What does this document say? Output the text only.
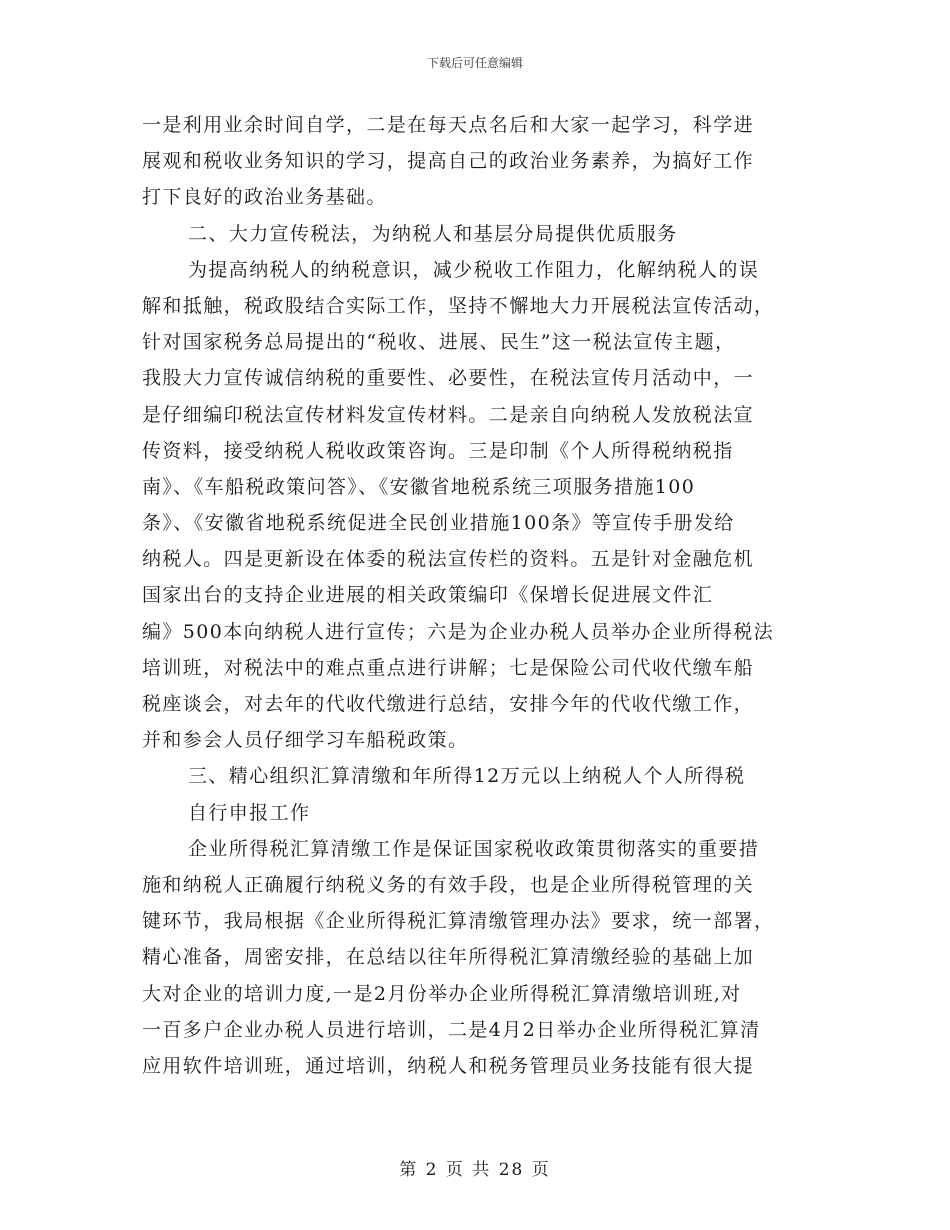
下载后可任意编辑
一是利用业余时间自学，二是在每天点名后和大家一起学习，科学进
展观和税收业务知识的学习，提高自己的政治业务素养，为搞好工作
打下良好的政治业务基础。
二、大力宣传税法，为纳税人和基层分局提供优质服务
为提高纳税人的纳税意识，减少税收工作阻力，化解纳税人的误
解和抵触，税政股结合实际工作，坚持不懈地大力开展税法宣传活动，
针对国家税务总局提出的“税收、进展、民生”这一税法宣传主题，
我股大力宣传诚信纳税的重要性、必要性，在税法宣传月活动中，一
是仔细编印税法宣传材料发宣传材料。二是亲自向纳税人发放税法宣
传资料，接受纳税人税收政策咨询。三是印制《个人所得税纳税指
南》、《车船税政策问答》、《安徽省地税系统三项服务措施100
条》、《安徽省地税系统促进全民创业措施100条》等宣传手册发给
纳税人。四是更新设在体委的税法宣传栏的资料。五是针对金融危机
国家出台的支持企业进展的相关政策编印《保增长促进展文件汇
编》500本向纳税人进行宣传；六是为企业办税人员举办企业所得税法
培训班，对税法中的难点重点进行讲解；七是保险公司代收代缴车船
税座谈会，对去年的代收代缴进行总结，安排今年的代收代缴工作，
并和参会人员仔细学习车船税政策。
三、精心组织汇算清缴和年所得12万元以上纳税人个人所得税
自行申报工作
企业所得税汇算清缴工作是保证国家税收政策贯彻落实的重要措
施和纳税人正确履行纳税义务的有效手段，也是企业所得税管理的关
键环节，我局根据《企业所得税汇算清缴管理办法》要求，统一部署，
精心准备，周密安排，在总结以往年所得税汇算清缴经验的基础上加
大对企业的培训力度,一是2月份举办企业所得税汇算清缴培训班,对
一百多户企业办税人员进行培训，二是4月2日举办企业所得税汇算清
应用软件培训班，通过培训，纳税人和税务管理员业务技能有很大提
第 2 页 共 28 页
